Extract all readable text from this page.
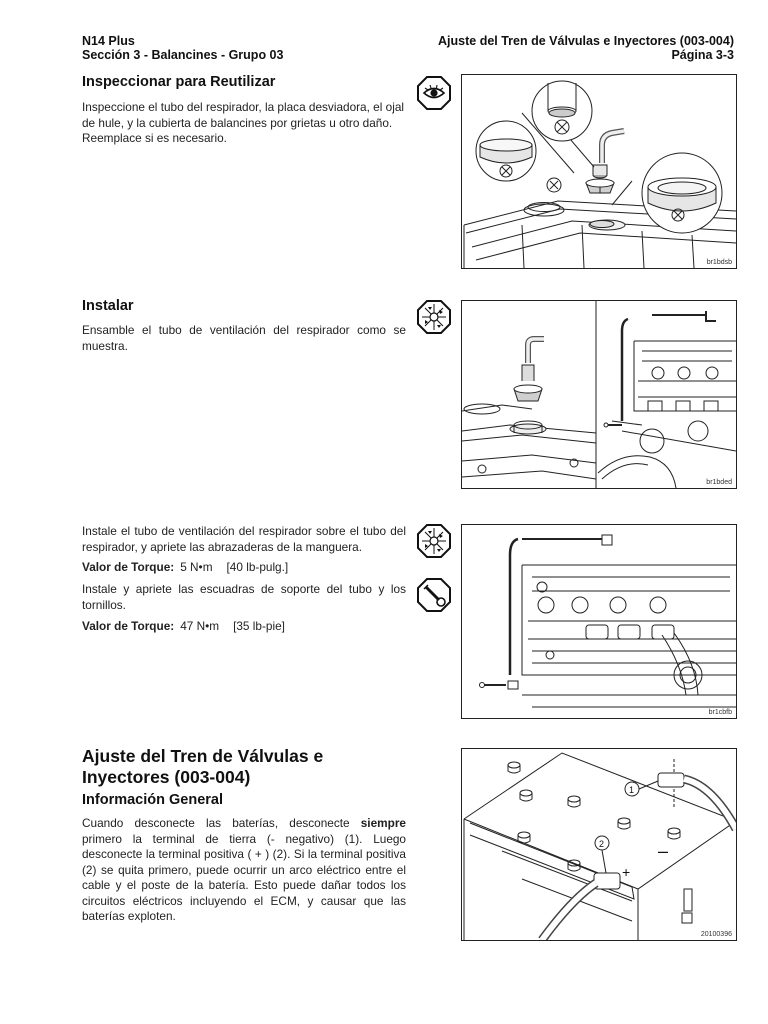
N14 Plus
Sección 3 - Balancines - Grupo 03
Ajuste del Tren de Válvulas e Inyectores (003-004)
Página 3-3
Inspeccionar para Reutilizar
Inspeccione el tubo del respirador, la placa desviadora, el ojal de hule, y la cubierta de balancines por grietas u otro daño. Reemplace si es necesario.
br1bdsb
Instalar
Ensamble el tubo de ventilación del respirador como se muestra.
br1bded
Instale el tubo de ventilación del respirador sobre el tubo del respirador, y apriete las abrazaderas de la manguera.
Valor de Torque: 5 N•m [40 lb-pulg.]
Instale y apriete las escuadras de soporte del tubo y los tornillos.
Valor de Torque: 47 N•m [35 lb-pie]
br1cbfb
Ajuste del Tren de Válvulas e Inyectores (003-004)
Información General
Cuando desconecte las baterías, desconecte siempre primero la terminal de tierra (- negativo) (1). Luego desconecte la terminal positiva ( + ) (2). Si la terminal positiva (2) se quita primero, puede ocurrir un arco eléctrico entre el cable y el poste de la batería. Esto puede dañar todos los circuitos eléctricos incluyendo el ECM, y causar que las baterías exploten.
–
+
1
2
20100396
